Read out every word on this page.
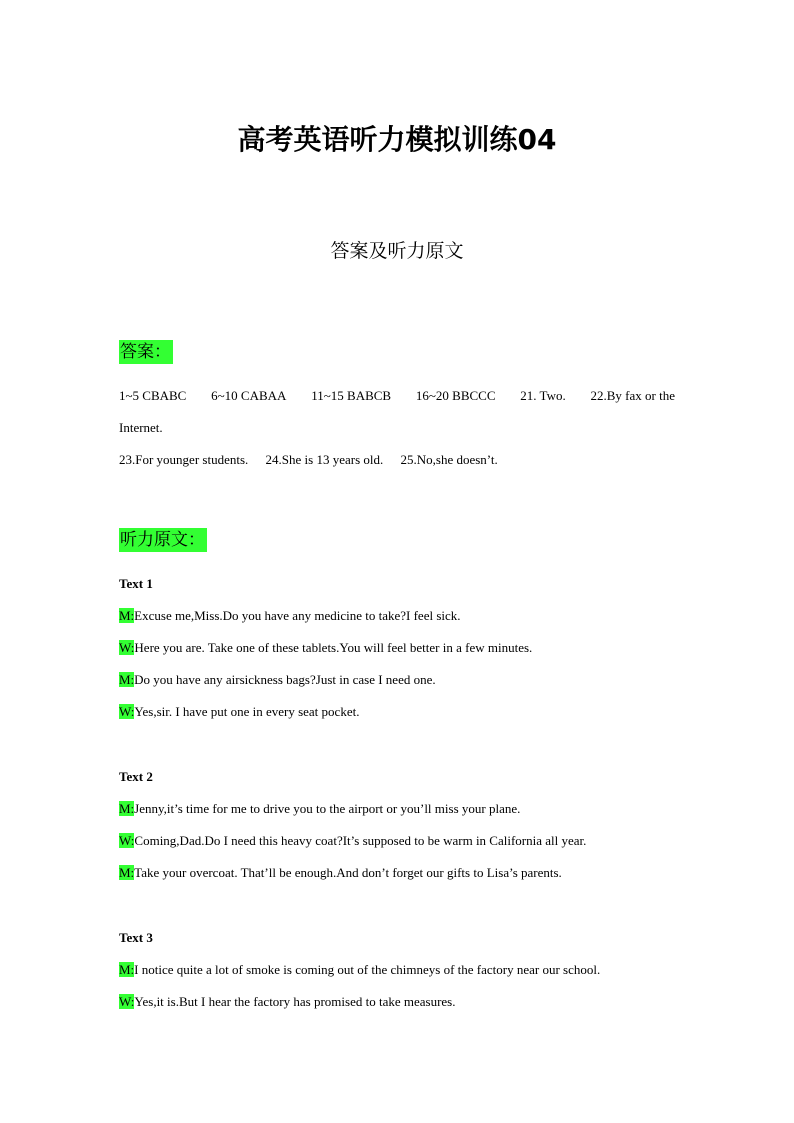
高考英语听力模拟训练04
答案及听力原文
答案：
1~5 CBABC 6~10 CABAA 11~15 BABCB 16~20 BBCCC 21. Two. 22.By fax or the
Internet.
23.For younger students. 24.She is 13 years old. 25.No,she doesn’t.
听力原文：
Text 1
M:Excuse me,Miss.Do you have any medicine to take?I feel sick.
W:Here you are. Take one of these tablets.You will feel better in a few minutes.
M:Do you have any airsickness bags?Just in case I need one.
W:Yes,sir. I have put one in every seat pocket.
Text 2
M:Jenny,it’s time for me to drive you to the airport or you’ll miss your plane.
W:Coming,Dad.Do I need this heavy coat?It’s supposed to be warm in California all year.
M:Take your overcoat. That’ll be enough.And don’t forget our gifts to Lisa’s parents.
Text 3
M:I notice quite a lot of smoke is coming out of the chimneys of the factory near our school.
W:Yes,it is.But I hear the factory has promised to take measures.
